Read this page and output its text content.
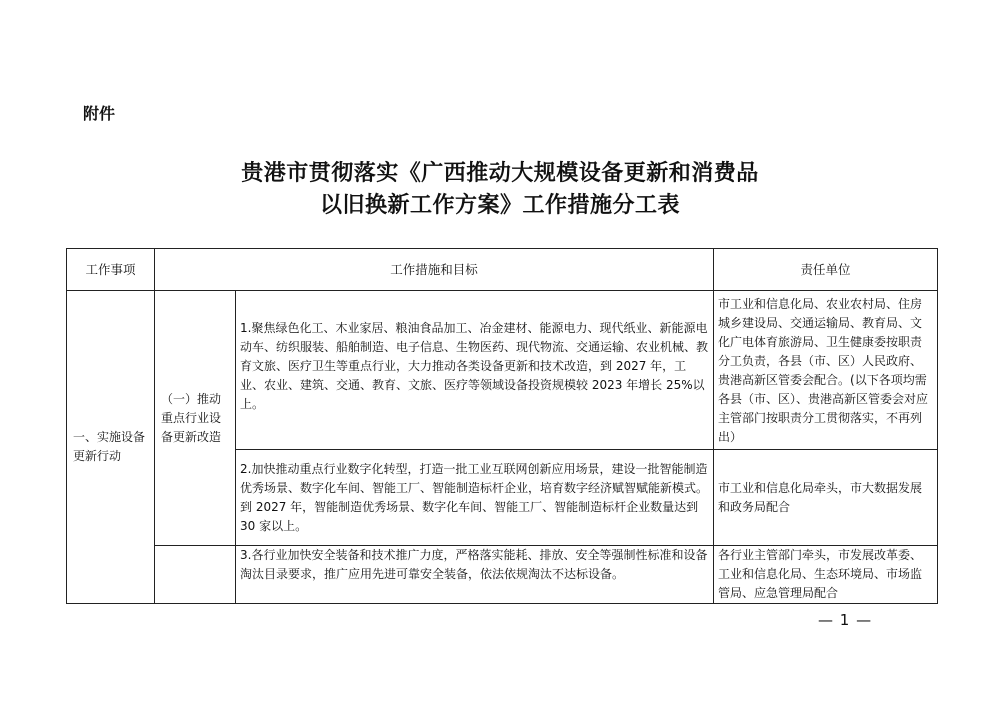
附件
贵港市贯彻落实《广西推动大规模设备更新和消费品
以旧换新工作方案》工作措施分工表
工作事项	工作措施和目标		责任单位
一、实施设备更新行动	（一）推动重点行业设备更新改造	1.聚焦绿色化工、木业家居、粮油食品加工、冶金建材、能源电力、现代纸业、新能源电动车、纺织服装、船舶制造、电子信息、生物医药、现代物流、交通运输、农业机械、教育文旅、医疗卫生等重点行业，大力推动各类设备更新和技术改造，到 2027 年，工业、农业、建筑、交通、教育、文旅、医疗等领域设备投资规模较 2023 年增长 25%以上。	市工业和信息化局、农业农村局、住房城乡建设局、交通运输局、教育局、文化广电体育旅游局、卫生健康委按职责分工负责，各县（市、区）人民政府、贵港高新区管委会配合。(以下各项均需各县（市、区）、贵港高新区管委会对应主管部门按职责分工贯彻落实，不再列出）
		2.加快推动重点行业数字化转型，打造一批工业互联网创新应用场景，建设一批智能制造优秀场景、数字化车间、智能工厂、智能制造标杆企业，培育数字经济赋智赋能新模式。到 2027 年，智能制造优秀场景、数字化车间、智能工厂、智能制造标杆企业数量达到 30 家以上。	市工业和信息化局牵头，市大数据发展和政务局配合
		3.各行业加快安全装备和技术推广力度，严格落实能耗、排放、安全等强制性标准和设备淘汰目录要求，推广应用先进可靠安全装备，依法依规淘汰不达标设备。	各行业主管部门牵头，市发展改革委、工业和信息化局、生态环境局、市场监管局、应急管理局配合
— 1 —
